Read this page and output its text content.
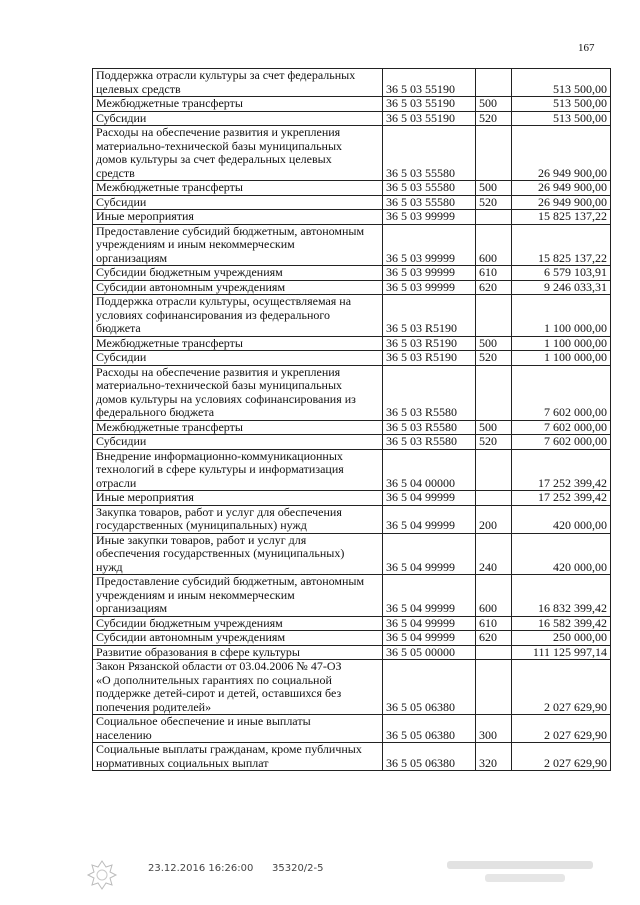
167
Поддержка отрасли культуры за счет федеральных
целевых средств	36 5 03 55190		513 500,00
Межбюджетные трансферты	36 5 03 55190	500	513 500,00
Субсидии	36 5 03 55190	520	513 500,00
Расходы на обеспечение развития и укрепления
материально-технической базы муниципальных
домов культуры за счет федеральных целевых
средств	36 5 03 55580		26 949 900,00
Межбюджетные трансферты	36 5 03 55580	500	26 949 900,00
Субсидии	36 5 03 55580	520	26 949 900,00
Иные мероприятия	36 5 03 99999		15 825 137,22
Предоставление субсидий бюджетным, автономным
учреждениям и иным некоммерческим
организациям	36 5 03 99999	600	15 825 137,22
Субсидии бюджетным учреждениям	36 5 03 99999	610	6 579 103,91
Субсидии автономным учреждениям	36 5 03 99999	620	9 246 033,31
Поддержка отрасли культуры, осуществляемая на
условиях софинансирования из федерального
бюджета	36 5 03 R5190		1 100 000,00
Межбюджетные трансферты	36 5 03 R5190	500	1 100 000,00
Субсидии	36 5 03 R5190	520	1 100 000,00
Расходы на обеспечение развития и укрепления
материально-технической базы муниципальных
домов культуры на условиях софинансирования из
федерального бюджета	36 5 03 R5580		7 602 000,00
Межбюджетные трансферты	36 5 03 R5580	500	7 602 000,00
Субсидии	36 5 03 R5580	520	7 602 000,00
Внедрение информационно-коммуникационных
технологий в сфере культуры и информатизация
отрасли	36 5 04 00000		17 252 399,42
Иные мероприятия	36 5 04 99999		17 252 399,42
Закупка товаров, работ и услуг для обеспечения
государственных (муниципальных) нужд	36 5 04 99999	200	420 000,00
Иные закупки товаров, работ и услуг для
обеспечения государственных (муниципальных)
нужд	36 5 04 99999	240	420 000,00
Предоставление субсидий бюджетным, автономным
учреждениям и иным некоммерческим
организациям	36 5 04 99999	600	16 832 399,42
Субсидии бюджетным учреждениям	36 5 04 99999	610	16 582 399,42
Субсидии автономным учреждениям	36 5 04 99999	620	250 000,00
Развитие образования в сфере культуры	36 5 05 00000		111 125 997,14
Закон Рязанской области от 03.04.2006 № 47-ОЗ
«О дополнительных гарантиях по социальной
поддержке детей-сирот и детей, оставшихся без
попечения родителей»	36 5 05 06380		2 027 629,90
Социальное обеспечение и иные выплаты
населению	36 5 05 06380	300	2 027 629,90
Социальные выплаты гражданам, кроме публичных
нормативных социальных выплат	36 5 05 06380	320	2 027 629,90
23.12.2016 16:26:00 35320/2-5
